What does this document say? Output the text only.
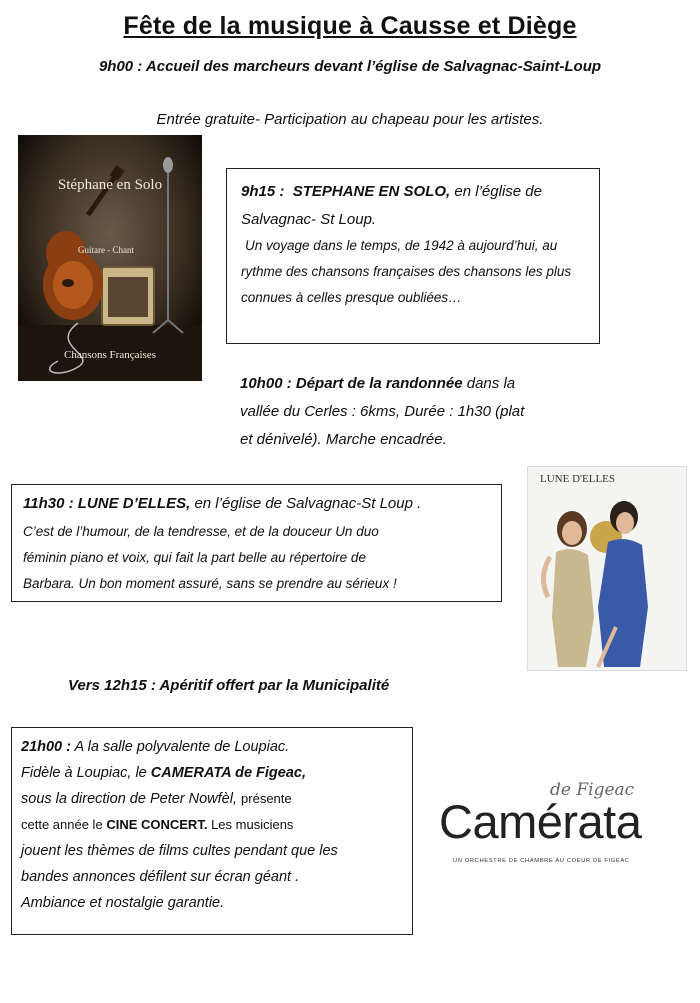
Fête de la musique à Causse et Diège
9h00 : Accueil des marcheurs devant l’église de Salvagnac-Saint-Loup
Entrée gratuite- Participation au chapeau pour les artistes.
Stéphane en Solo
Guitare - Chant
Chansons Françaises
9h15 : STEPHANE EN SOLO, en l’église de
Salvagnac- St Loup.
Un voyage dans le temps, de 1942 à aujourd’hui, au
rythme des chansons françaises des chansons les plus
connues à celles presque oubliées…
10h00 : Départ de la randonnée dans la
vallée du Cerles : 6kms, Durée : 1h30 (plat
et dénivelé). Marche encadrée.
11h30 : LUNE D’ELLES, en l’église de Salvagnac-St Loup .
C’est de l’humour, de la tendresse, et de la douceur Un duo
féminin piano et voix, qui fait la part belle au répertoire de
Barbara. Un bon moment assuré, sans se prendre au sérieux !
LUNE D'ELLES
Vers 12h15 : Apéritif offert par la Municipalité
21h00 : A la salle polyvalente de Loupiac.
Fidèle à Loupiac, le CAMERATA de Figeac,
sous la direction de Peter Nowfèl, présente
cette année le CINE CONCERT. Les musiciens
jouent les thèmes de films cultes pendant que les
bandes annonces défilent sur écran géant .
Ambiance et nostalgie garantie.
de Figeac
Camérata
UN ORCHESTRE DE CHAMBRE AU COEUR DE FIGEAC
